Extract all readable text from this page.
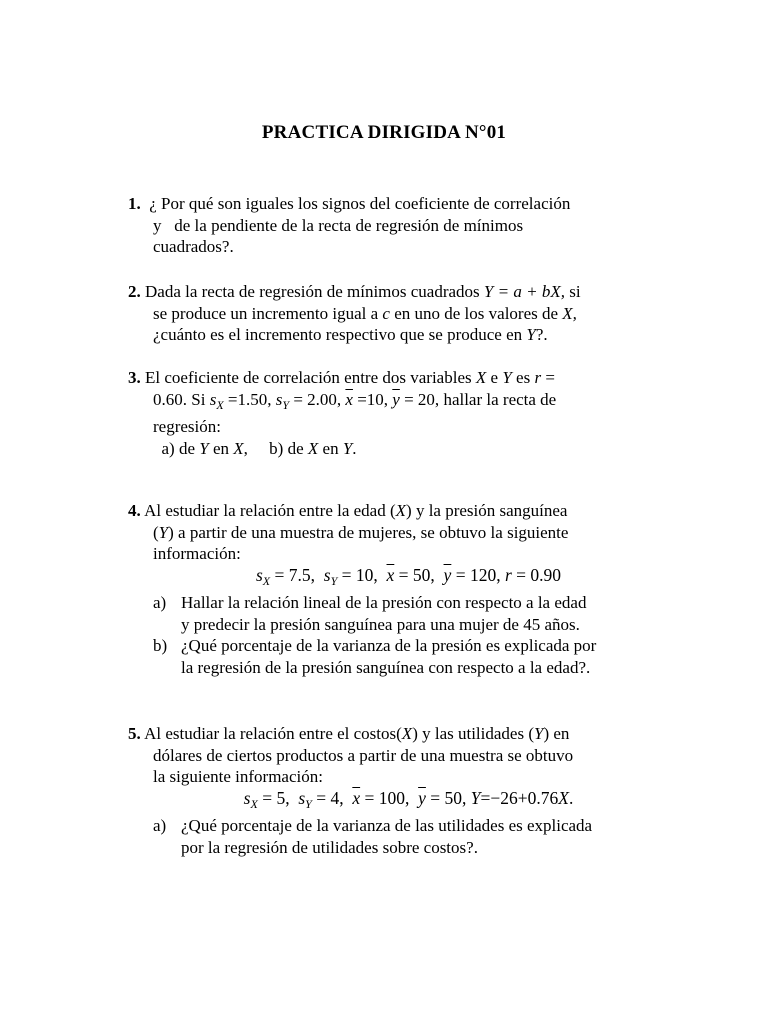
PRACTICA DIRIGIDA N°01
1. ¿ Por qué son iguales los signos del coeficiente de correlación
y   de la pendiente de la recta de regresión de mínimos
cuadrados?.
2. Dada la recta de regresión de mínimos cuadrados Y = a + bX, si
se produce un incremento igual a c en uno de los valores de X,
¿cuánto es el incremento respectivo que se produce en Y?.
3. El coeficiente de correlación entre dos variables X e Y es r =
0.60. Si $s_X =1.50$, $s_Y = 2.00$, $\overline{x} =10$, $\overline{y} = 20$, hallar la recta de
regresión:
a) de Y en X,     b) de X en Y.
4. Al estudiar la relación entre la edad (X) y la presión sanguínea
(Y) a partir de una muestra de mujeres, se obtuvo la siguiente
información:
$s_X = 7.5$,  $s_Y = 10$,  $\overline{x} = 50$,  $\overline{y} = 120$, r = 0.90
a) Hallar la relación lineal de la presión con respecto a la edad
y predecir la presión sanguínea para una mujer de 45 años.
b) ¿Qué porcentaje de la varianza de la presión es explicada por
la regresión de la presión sanguínea con respecto a la edad?.
5. Al estudiar la relación entre el costos(X) y las utilidades (Y) en
dólares de ciertos productos a partir de una muestra se obtuvo
la siguiente información:
$s_X = 5$,  $s_Y = 4$,  $\overline{x} = 100$,  $\overline{y} = 50$, Y=−26+0.76X.
a) ¿Qué porcentaje de la varianza de las utilidades es explicada
por la regresión de utilidades sobre costos?.
